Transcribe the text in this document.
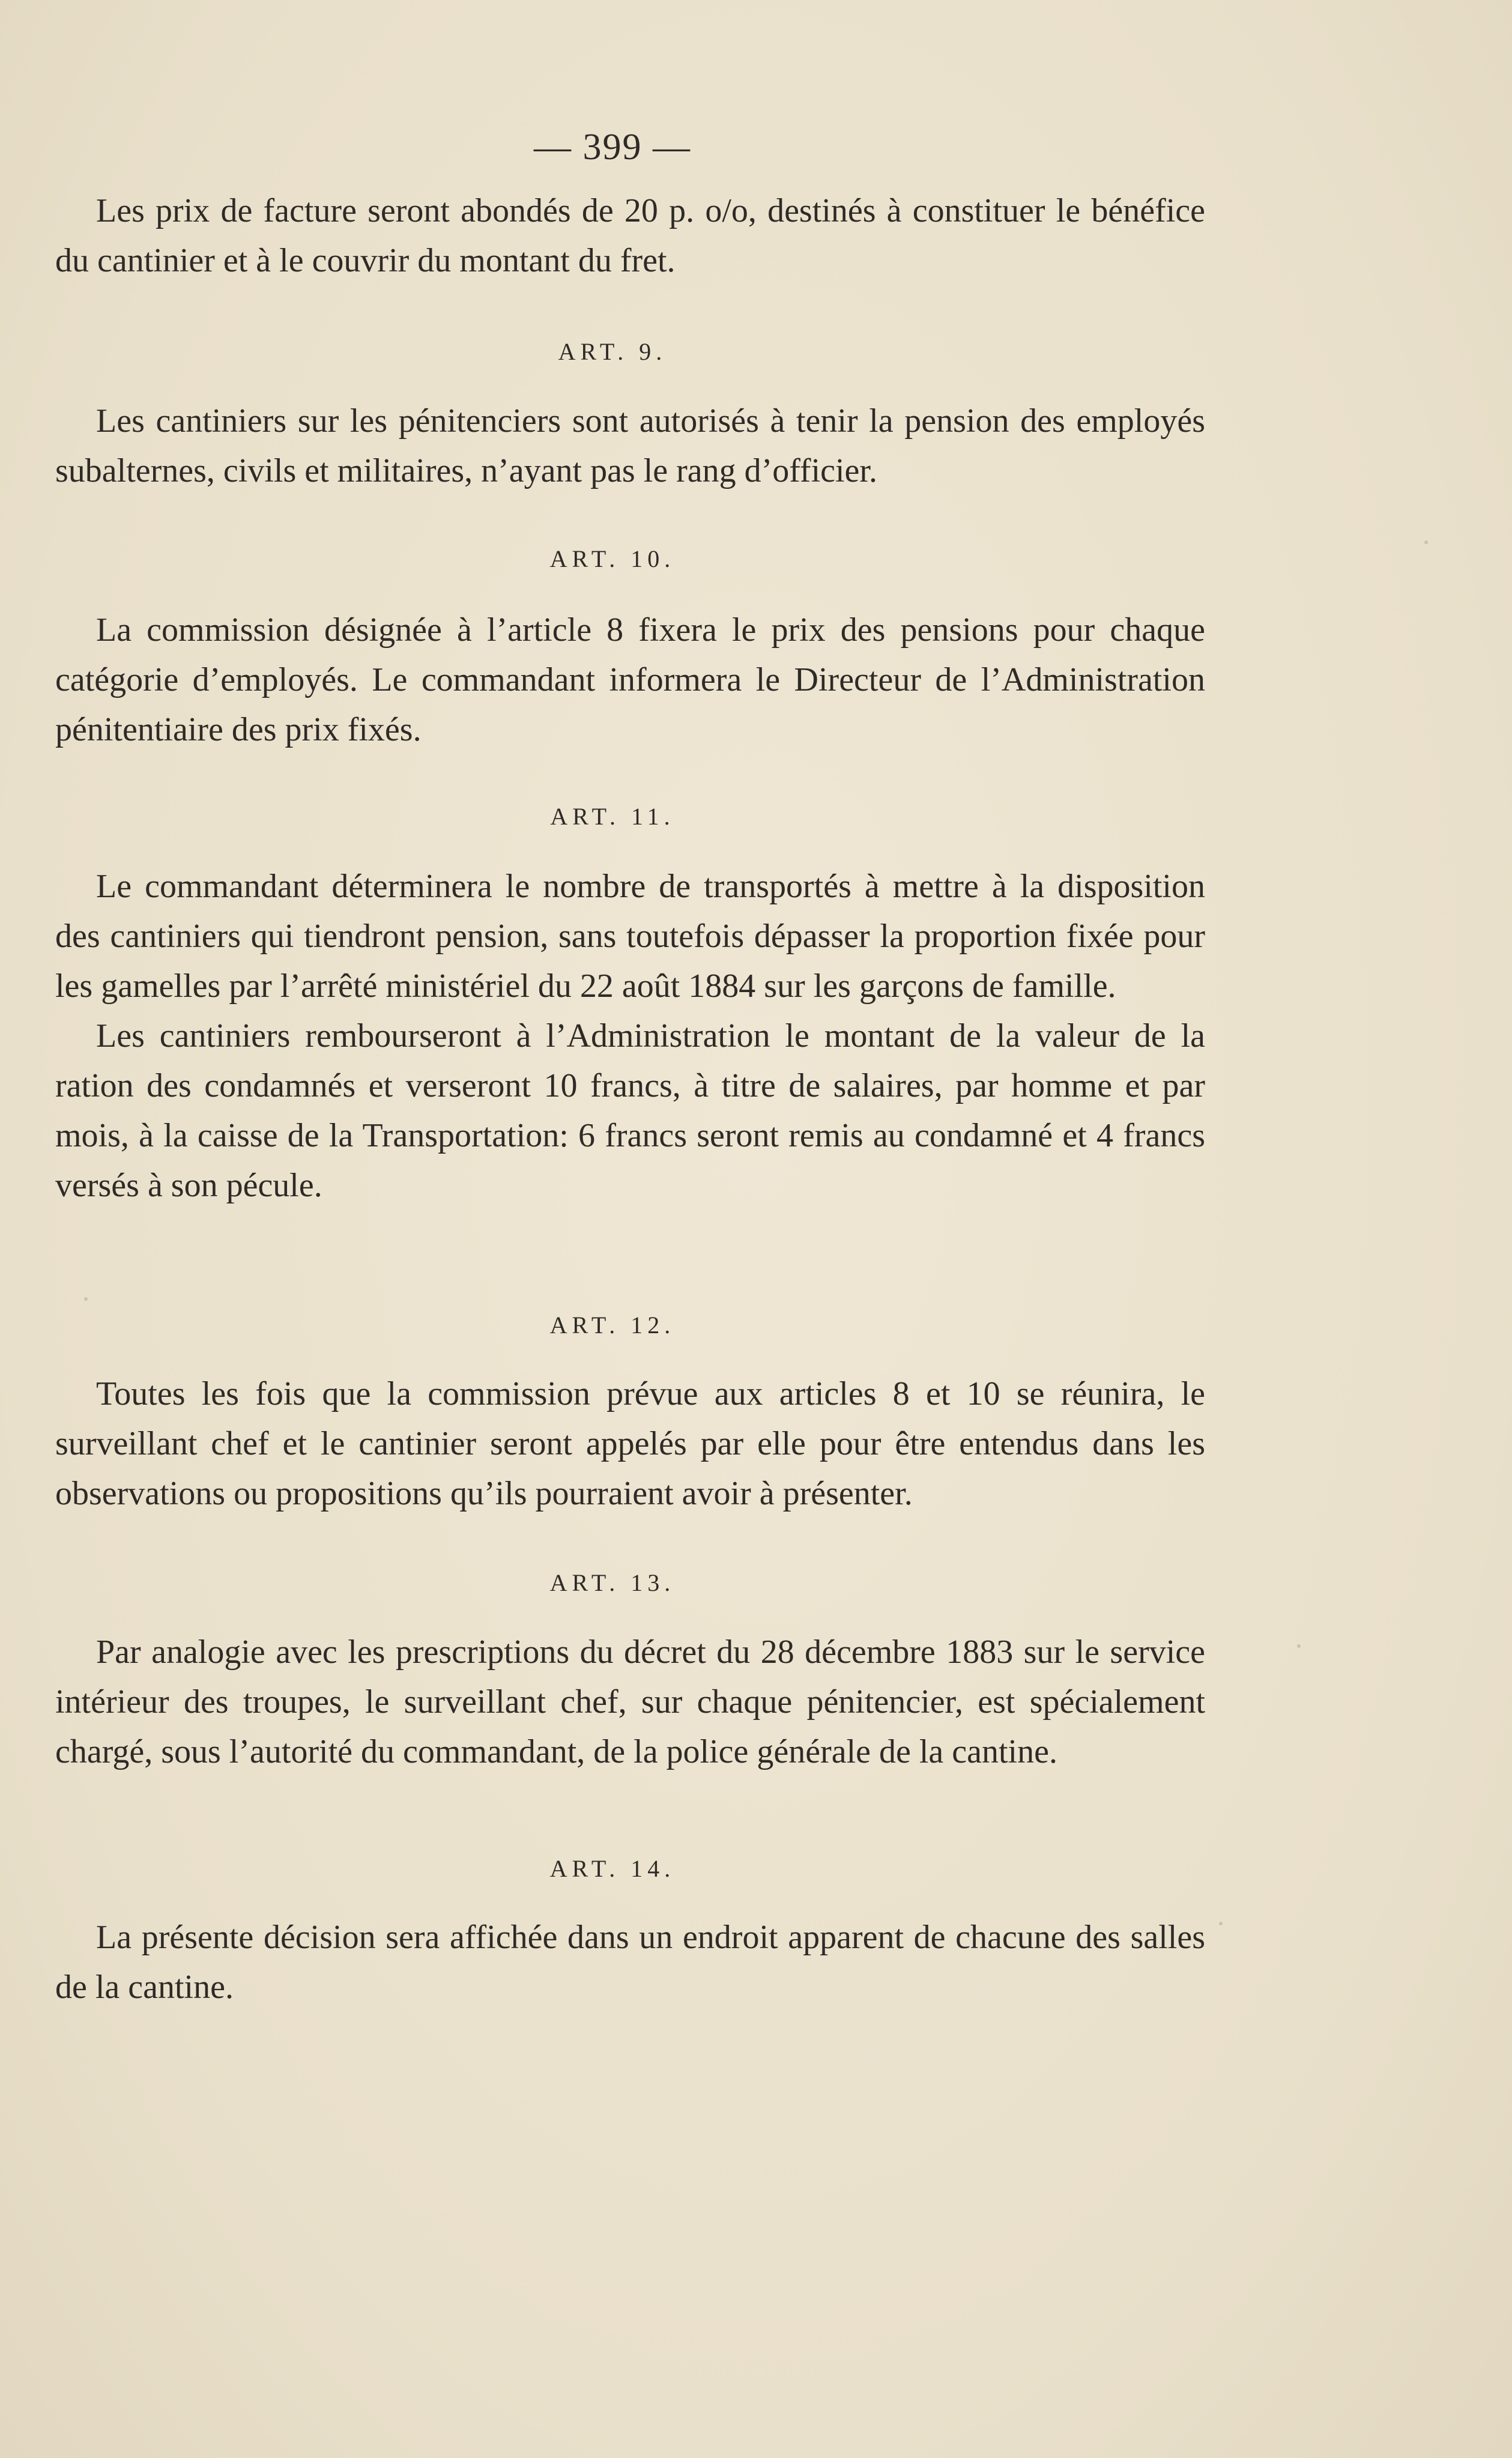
— 399 —

Les prix de facture seront abondés de 20 p. o/o, destinés à constituer le bénéfice du cantinier et à le couvrir du montant du fret.

ART. 9.

Les cantiniers sur les pénitenciers sont autorisés à tenir la pension des employés subalternes, civils et militaires, n’ayant pas le rang d’officier.

ART. 10.

La commission désignée à l’article 8 fixera le prix des pensions pour chaque catégorie d’employés. Le commandant informera le Directeur de l’Administration pénitentiaire des prix fixés.

ART. 11.

Le commandant déterminera le nombre de transportés à mettre à la disposition des cantiniers qui tiendront pension, sans toutefois dépasser la proportion fixée pour les gamelles par l’arrêté ministériel du 22 août 1884 sur les garçons de famille.

Les cantiniers rembourseront à l’Administration le montant de la valeur de la ration des condamnés et verseront 10 francs, à titre de salaires, par homme et par mois, à la caisse de la Transportation: 6 francs seront remis au condamné et 4 francs versés à son pécule.

ART. 12.

Toutes les fois que la commission prévue aux articles 8 et 10 se réunira, le surveillant chef et le cantinier seront appelés par elle pour être entendus dans les observations ou propositions qu’ils pourraient avoir à présenter.

ART. 13.

Par analogie avec les prescriptions du décret du 28 décembre 1883 sur le service intérieur des troupes, le surveillant chef, sur chaque pénitencier, est spécialement chargé, sous l’autorité du commandant, de la police générale de la cantine.

ART. 14.

La présente décision sera affichée dans un endroit apparent de chacune des salles de la cantine.
